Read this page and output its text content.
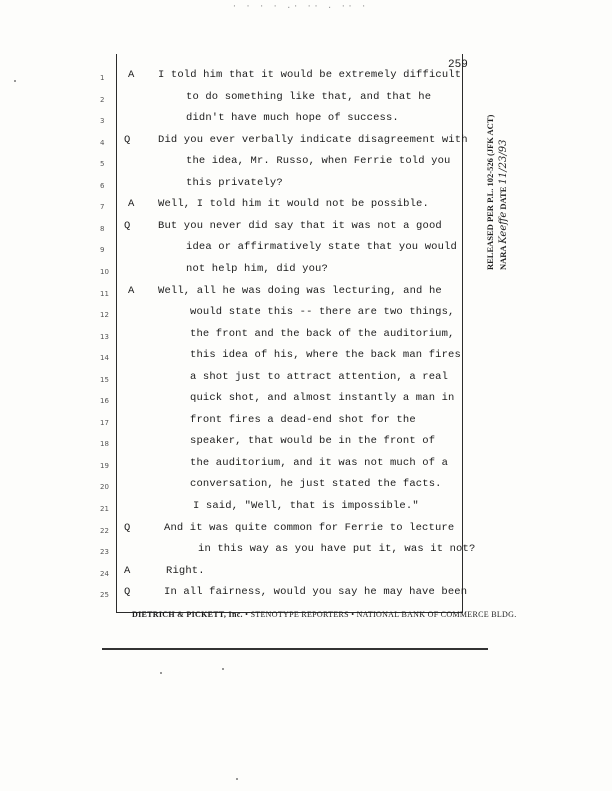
· · · · .· ·· . ·· ·
259
1	A I told him that it would be extremely difficult
2	to do something like that, and that he
3	didn't have much hope of success.
4	Q	Did you ever verbally indicate disagreement with
5	the idea, Mr. Russo, when Ferrie told you
6	this privately?
7	A Well, I told him it would not be possible.
8	Q	But you never did say that it was not a good
9	idea or affirmatively state that you would
10	not help him, did you?
11	A Well, all he was doing was lecturing, and he
12	would state this -- there are two things,
13	the front and the back of the auditorium,
14	this idea of his, where the back man fires
15	a shot just to attract attention, a real
16	quick shot, and almost instantly a man in
17	front fires a dead-end shot for the
18	speaker, that would be in the front of
19	the auditorium, and it was not much of a
20	conversation, he just stated the facts.
21	I said, "Well, that is impossible."
22	Q	And it was quite common for Ferrie to lecture
23	in this way as you have put it, was it not?
24	A	Right.
25	Q	In all fairness, would you say he may have been
DIETRICH & PICKETT, Inc. • STENOTYPE REPORTERS • NATIONAL BANK OF COMMERCE BLDG.
RELEASED PER P.L. 102-526 (JFK ACT) NARA Keeffe DATE 11/23/93
